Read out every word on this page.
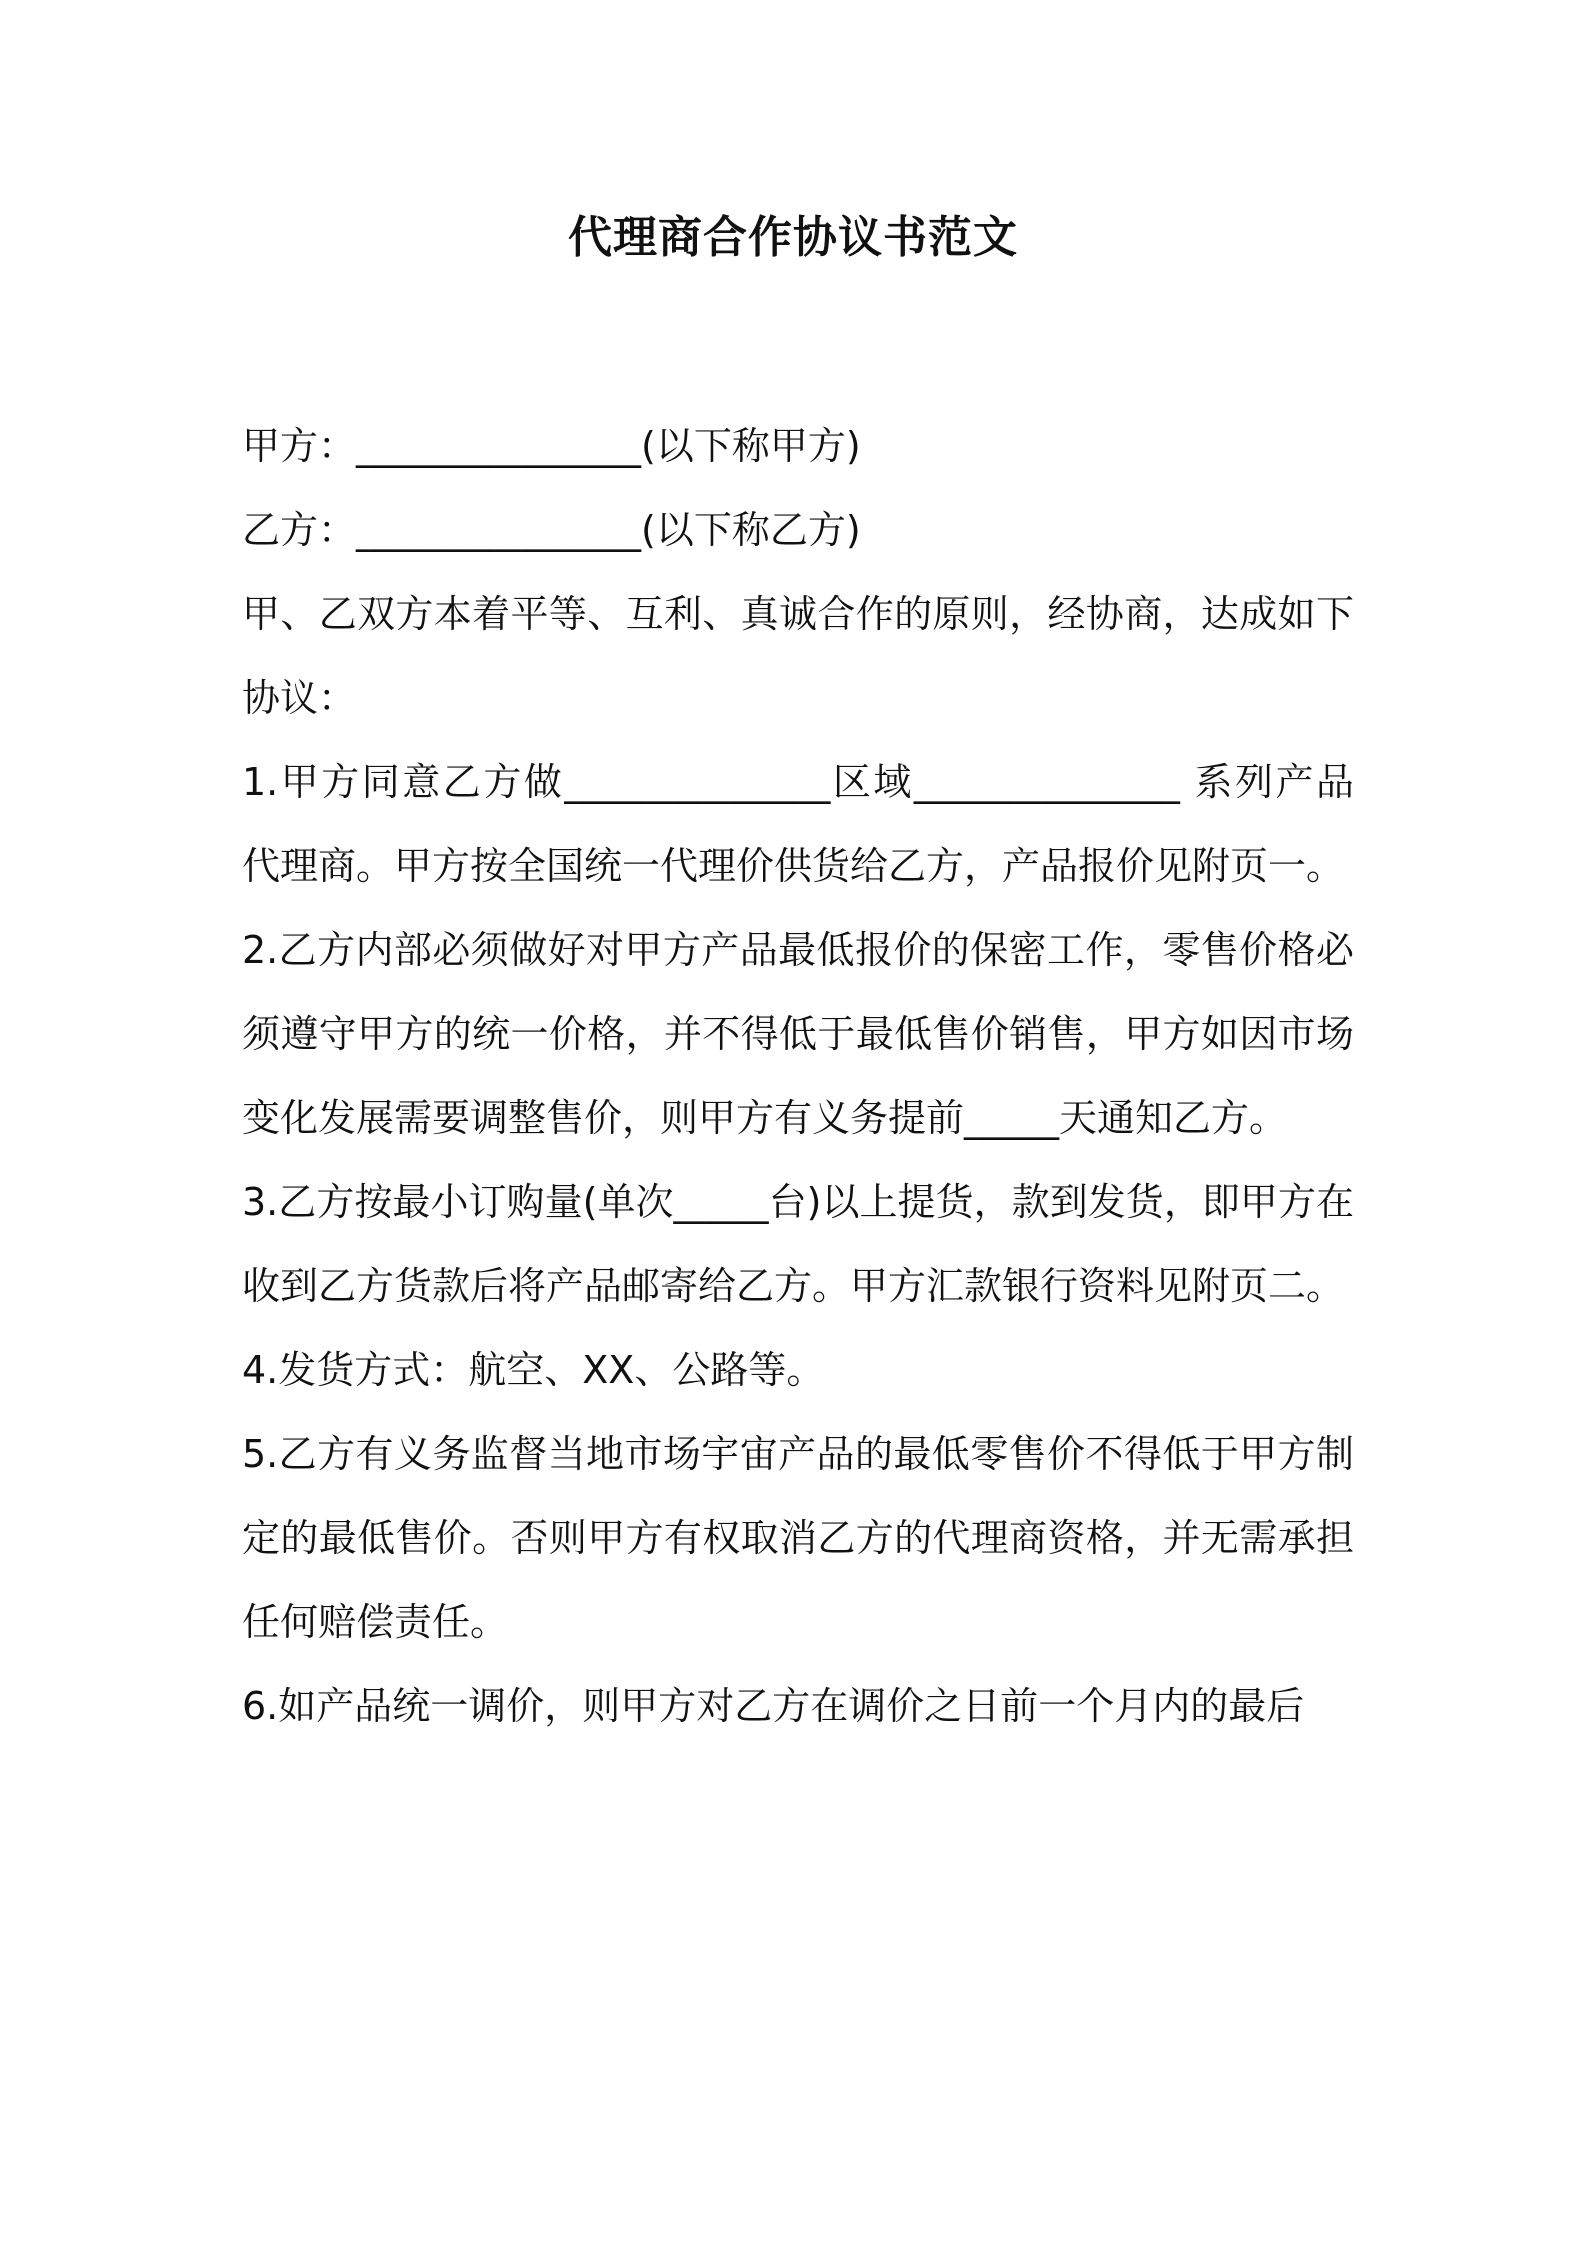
代理商合作协议书范文

甲方：_______________(以下称甲方)

乙方：_______________(以下称乙方)

甲、乙双方本着平等、互利、真诚合作的原则，经协商，达成如下协议：

1.甲方同意乙方做______________区域______________ 系列产品代理商。甲方按全国统一代理价供货给乙方，产品报价见附页一。

2.乙方内部必须做好对甲方产品最低报价的保密工作，零售价格必须遵守甲方的统一价格，并不得低于最低售价销售，甲方如因市场变化发展需要调整售价，则甲方有义务提前_____天通知乙方。

3.乙方按最小订购量(单次_____台)以上提货，款到发货，即甲方在收到乙方货款后将产品邮寄给乙方。甲方汇款银行资料见附页二。

4.发货方式：航空、XX、公路等。

5.乙方有义务监督当地市场宇宙产品的最低零售价不得低于甲方制定的最低售价。否则甲方有权取消乙方的代理商资格，并无需承担任何赔偿责任。

6.如产品统一调价，则甲方对乙方在调价之日前一个月内的最后
